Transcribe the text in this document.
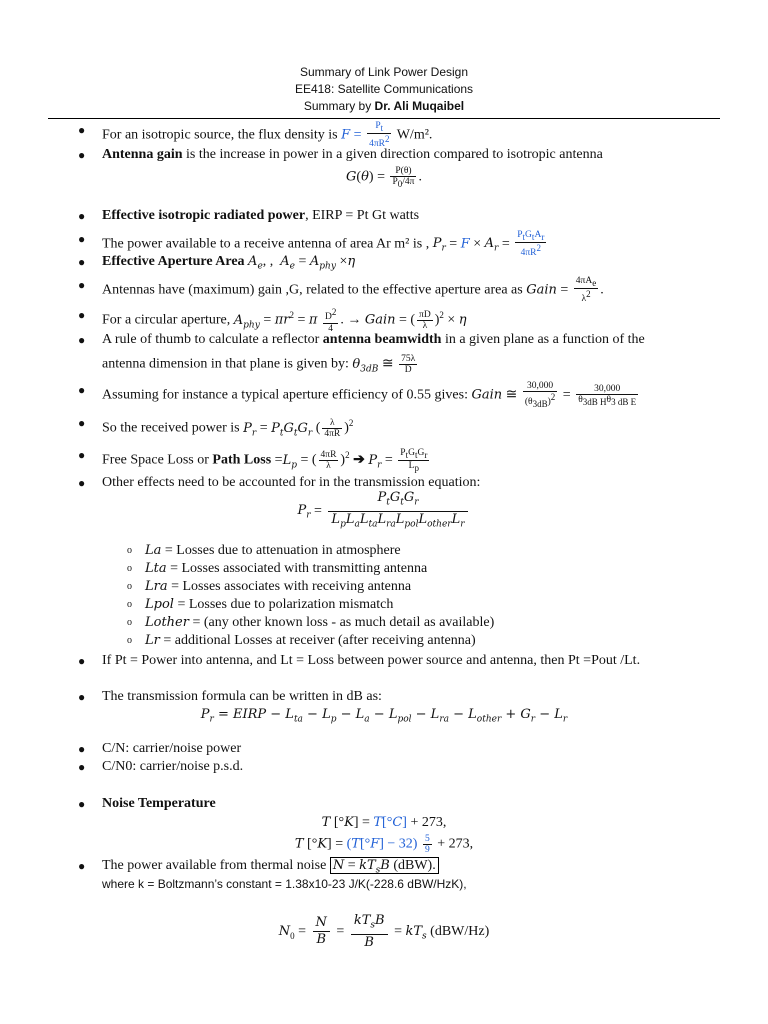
Summary of Link Power Design
EE418: Satellite Communications
Summary by Dr. Ali Muqaibel
● For an isotropic source, the flux density is $F = \frac{P_t}{4\pi R^2} W/m^2$.
● Antenna gain is the increase in power in a given direction compared to isotropic antenna
$G(\theta) = \frac{P(\theta)}{P_0/4\pi}$ .
● Effective isotropic radiated power, EIRP = Pt Gt watts
● The power available to a receive antenna of area Ar m² is , $P_r = F \times A_r = \frac{P_tG_tA_r}{4\pi R^2}$
● Effective Aperture Area $A_e$, ,  $A_e = A_{phy} \times\eta$
● Antennas have (maximum) gain ,G, related to the effective aperture area as Gain = $\frac{4\pi A_e}{\lambda^2}$ .
● For a circular aperture, $A_{phy} = \pi r^2 = \pi \frac{D^2}{4}$ . → Gain = ( $\frac{\pi D}{\lambda} )^2 \times \eta$
● A rule of thumb to calculate a reflector antenna beamwidth in a given plane as a function of the
antenna dimension in that plane is given by: $\theta_{3dB}$ ≅ $\frac{75\lambda}{D}$
● Assuming for instance a typical aperture efficiency of 0.55 gives: Gain ≅ $\frac{30,000}{(\theta_{3dB})^2} = \frac{30,000}{\theta_{3dB H}\theta_{3 dB E}}$
● So the received power is $P_r = P_tG_tG_r$ ( $\frac{\lambda}{4\pi R} )^2$
● Free Space Loss or Path Loss $=L_p$ = ( $\frac{4\pi R}{\lambda} )^2$ ➔ $P_r = \frac{P_tG_tG_r}{L_p}$
● Other effects need to be accounted for in the transmission equation:
$P_r$ =
$P_tG_tG_r$
$L_pL_aL_{ta}L_{ra}L_{pol}L_{other}L_r$
o La = Losses due to attenuation in atmosphere
o Lta = Losses associated with transmitting antenna
o Lra = Losses associates with receiving antenna
o Lpol = Losses due to polarization mismatch
o Lother = (any other known loss - as much detail as available)
o Lr = additional Losses at receiver (after receiving antenna)
● If Pt = Power into antenna, and Lt = Loss between power source and antenna, then Pt =Pout /Lt.
● The transmission formula can be written in dB as:
$P_r$ = EIRP − $L_{ta} - L_p - L_a - L_{pol} - L_{ra} - L_{other} + G_r - L_r$
● C/N: carrier/noise power
● C/N0: carrier/noise p.s.d.
● Noise Temperature
T [°K] = T[°C] + 273,
T $[^\circ K] = (T[^\circ F] - 32) \frac{5}{9} + 273$,
● The power available from thermal noise $N = kT_sB$ (dBW).
where k = Boltzmann’s constant = 1.38x10-23 J/K(-228.6 dBW/HzK),
$N_0 = \frac{N}{B}$ =
$kT_sB$
B
= $kT_s$ (dBW/Hz)
